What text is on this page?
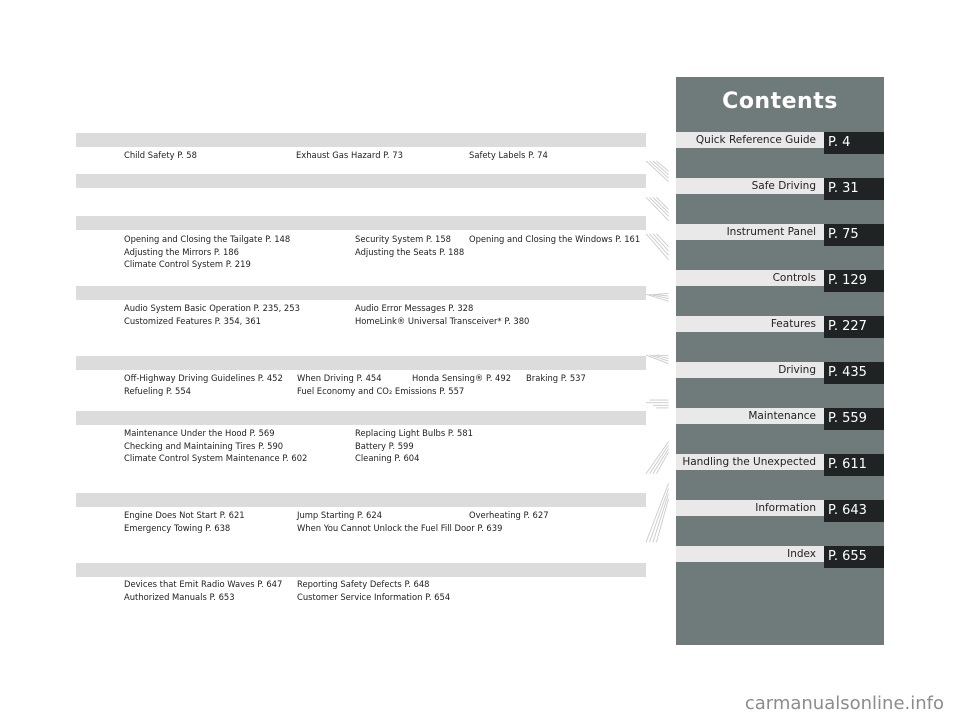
Child Safety P. 58	Exhaust Gas Hazard P. 73	Safety Labels P. 74
Opening and Closing the Tailgate P. 148	Security System P. 158 Opening and Closing the Windows P. 161
Adjusting the Mirrors P. 186	Adjusting the Seats P. 188
Climate Control System P. 219
Audio System Basic Operation P. 235, 253	Audio Error Messages P. 328
Customized Features P. 354, 361	HomeLink® Universal Transceiver* P. 380
Off-Highway Driving Guidelines P. 452 When Driving P. 454	Honda Sensing® P. 492 Braking P. 537
Refueling P. 554	Fuel Economy and CO₂ Emissions P. 557
Maintenance Under the Hood P. 569	Replacing Light Bulbs P. 581
Checking and Maintaining Tires P. 590	Battery P. 599
Climate Control System Maintenance P. 602	Cleaning P. 604
Engine Does Not Start P. 621	Jump Starting P. 624	Overheating P. 627
Emergency Towing P. 638	When You Cannot Unlock the Fuel Fill Door P. 639
Devices that Emit Radio Waves P. 647 Reporting Safety Defects P. 648
Authorized Manuals P. 653	Customer Service Information P. 654
Contents
Quick Reference Guide P. 4
Safe Driving P. 31
Instrument Panel P. 75
Controls P. 129
Features P. 227
Driving P. 435
Maintenance P. 559
Handling the Unexpected P. 611
Information P. 643
Index P. 655
carmanualsonline.info
